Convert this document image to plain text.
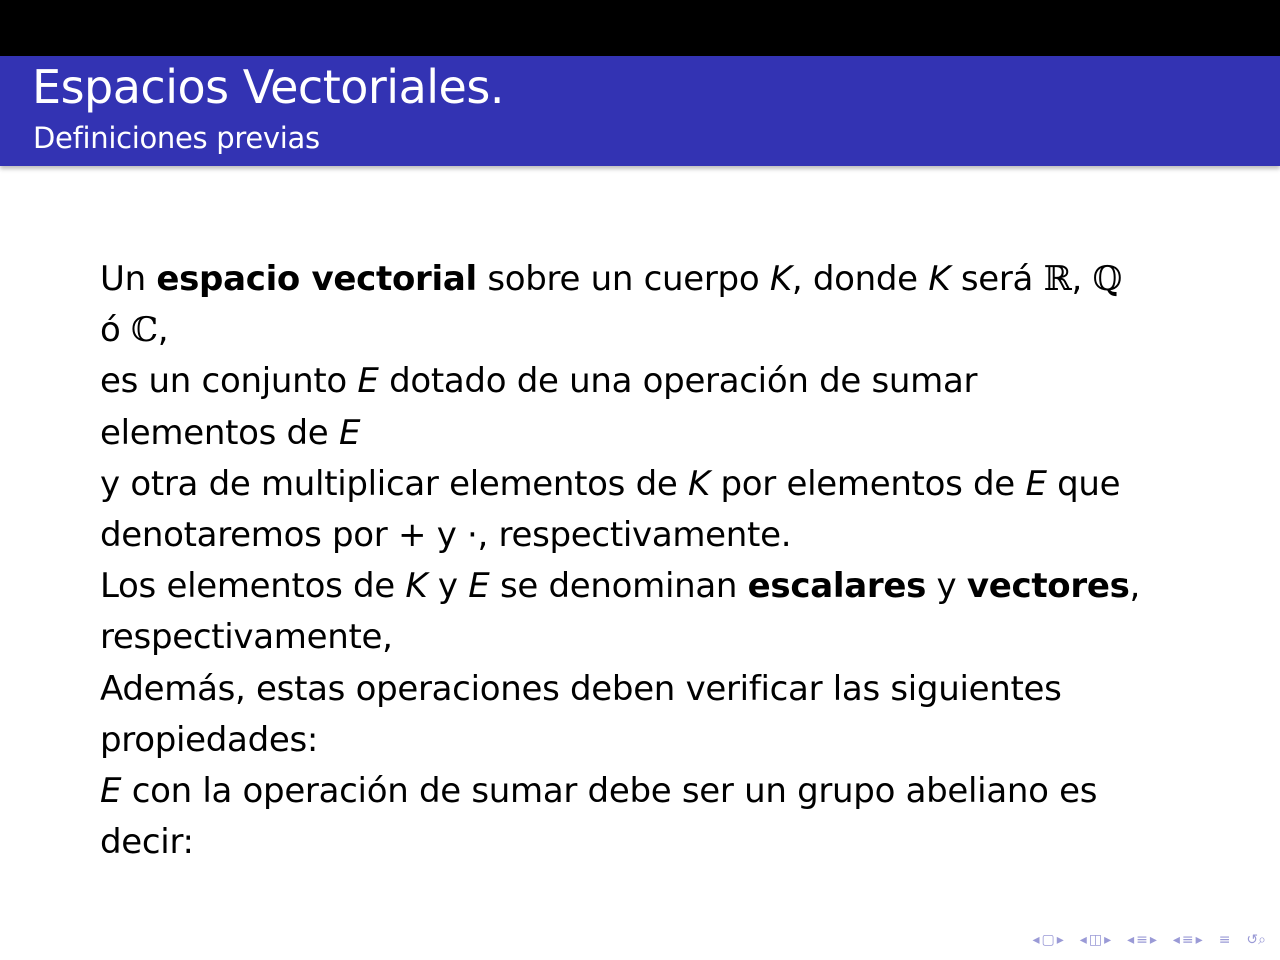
Espacios Vectoriales.
Definiciones previas
Un espacio vectorial sobre un cuerpo K, donde K será ℝ, ℚ
ó ℂ,
es un conjunto E dotado de una operación de sumar
elementos de E
y otra de multiplicar elementos de K por elementos de E que
denotaremos por + y ·, respectivamente.
Los elementos de K y E se denominan escalares y vectores,
respectivamente,
Además, estas operaciones deben verificar las siguientes
propiedades:
E con la operación de sumar debe ser un grupo abeliano es
decir:
◂ ▢ ▸ ◂ ◫ ▸ ◂ ≡ ▸ ◂ ≡ ▸ ≡ ↺⌕
